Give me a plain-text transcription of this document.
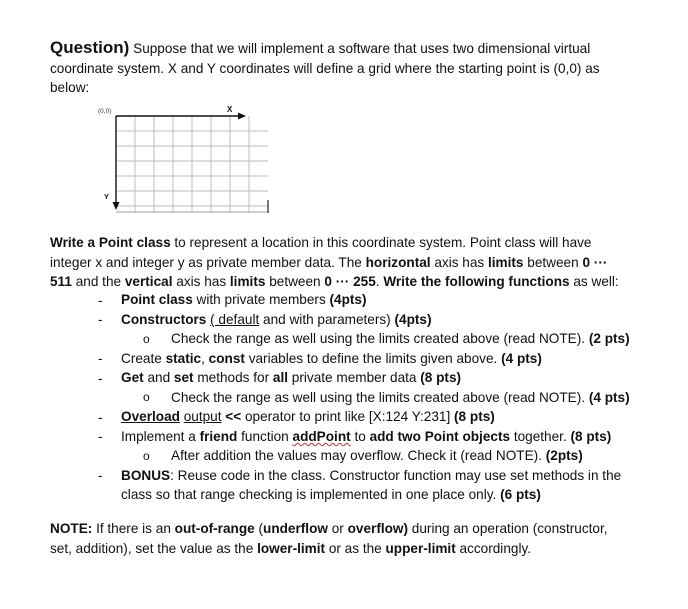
Question) Suppose that we will implement a software that uses two dimensional virtual
coordinate system. X and Y coordinates will define a grid where the starting point is (0,0) as
below:
(0,0)	X
Y
Write a Point class to represent a location in this coordinate system. Point class will have
integer x and integer y as private member data. The horizontal axis has limits between 0 ···
511 and the vertical axis has limits between 0 ··· 255. Write the following functions as well:
- Point class with private members (4pts)
- Constructors ( default and with parameters) (4pts)
o Check the range as well using the limits created above (read NOTE). (2 pts)
- Create static, const variables to define the limits given above. (4 pts)
- Get and set methods for all private member data (8 pts)
o Check the range as well using the limits created above (read NOTE). (4 pts)
- Overload output << operator to print like [X:124 Y:231] (8 pts)
- Implement a friend function addPoint to add two Point objects together. (8 pts)
o After addition the values may overflow. Check it (read NOTE). (2pts)
- BONUS: Reuse code in the class. Constructor function may use set methods in the
class so that range checking is implemented in one place only. (6 pts)
NOTE: If there is an out-of-range (underflow or overflow) during an operation (constructor,
set, addition), set the value as the lower-limit or as the upper-limit accordingly.
